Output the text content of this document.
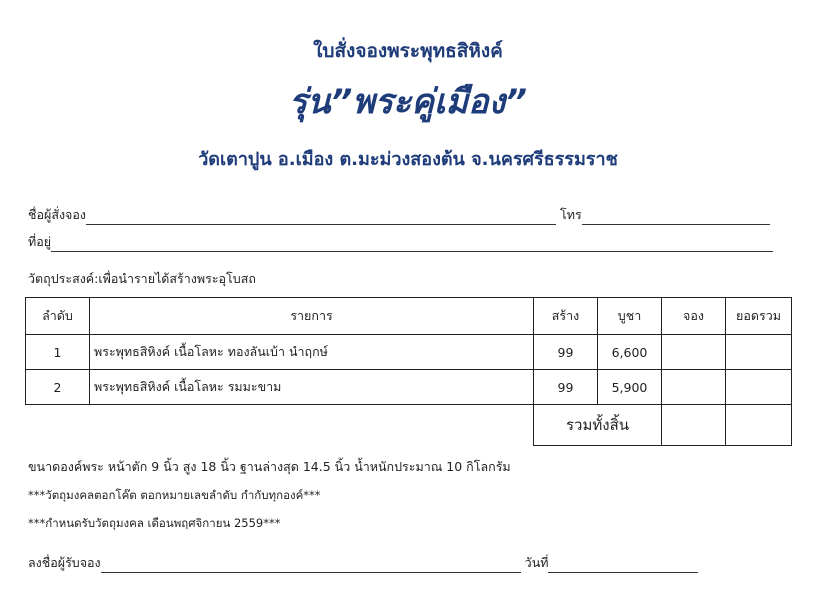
ใบสั่งจองพระพุทธสิหิงค์
รุ่น”พระคู่เมือง”
วัดเตาปูน อ.เมือง ต.มะม่วงสองต้น จ.นครศรีธรรมราช
ชื่อผู้สั่งจอง	โทร
ที่อยู่
วัตถุประสงค์:เพื่อนำรายได้สร้างพระอุโบสถ
ลำดับ	รายการ	สร้าง	บูชา	จอง	ยอดรวม
1	พระพุทธสิหิงค์ เนื้อโลหะ ทองลันเบ้า นำฤกษ์	99	6,600		
2	พระพุทธสิหิงค์ เนื้อโลหะ รมมะขาม	99	5,900		
		รวมทั้งสิ้น			
ขนาดองค์พระ หน้าตัก 9 นิ้ว สูง 18 นิ้ว ฐานล่างสุด 14.5 นิ้ว น้ำหนักประมาณ 10 กิโลกรัม
***วัตถุมงคลตอกโค๊ต ตอกหมายเลขลำดับ กำกับทุกองค์***
***กำหนดรับวัตถุมงคล เดือนพฤศจิกายน 2559***
ลงชื่อผู้รับจอง	วันที่
